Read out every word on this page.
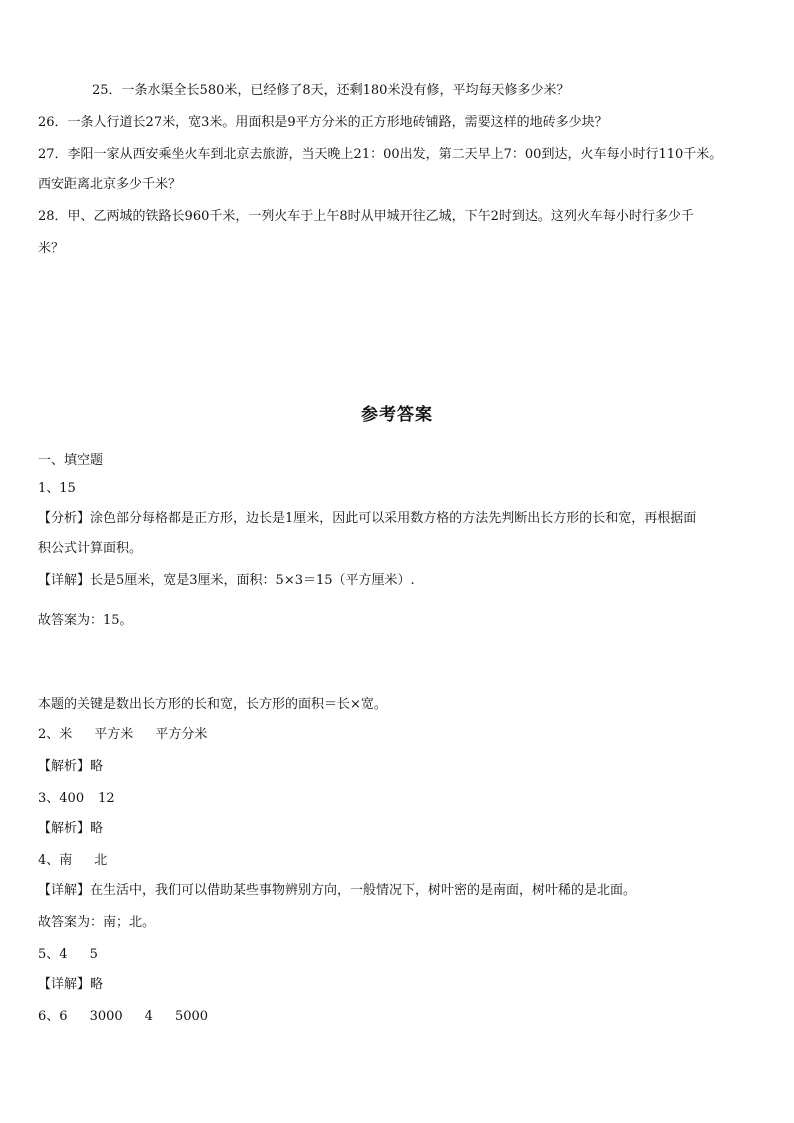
25．一条水渠全长580米，已经修了8天，还剩180米没有修，平均每天修多少米？
26．一条人行道长27米，宽3米。用面积是9平方分米的正方形地砖铺路，需要这样的地砖多少块？
27．李阳一家从西安乘坐火车到北京去旅游，当天晚上21：00出发，第二天早上7：00到达，火车每小时行110千米。
西安距离北京多少千米？
28．甲、乙两城的铁路长960千米，一列火车于上午8时从甲城开往乙城，下午2时到达。这列火车每小时行多少千
米？
参考答案
一、填空题
1、15
【分析】涂色部分每格都是正方形，边长是1厘米，因此可以采用数方格的方法先判断出长方形的长和宽，再根据面
积公式计算面积。
【详解】长是5厘米，宽是3厘米，面积：5×3＝15（平方厘米）.
故答案为：15。
本题的关键是数出长方形的长和宽，长方形的面积＝长×宽。
2、米 平方米 平方分米
【解析】略
3、400 12
【解析】略
4、南 北
【详解】在生活中，我们可以借助某些事物辨别方向，一般情况下，树叶密的是南面，树叶稀的是北面。
故答案为：南；北。
5、4 5
【详解】略
6、6 3000 4 5000
